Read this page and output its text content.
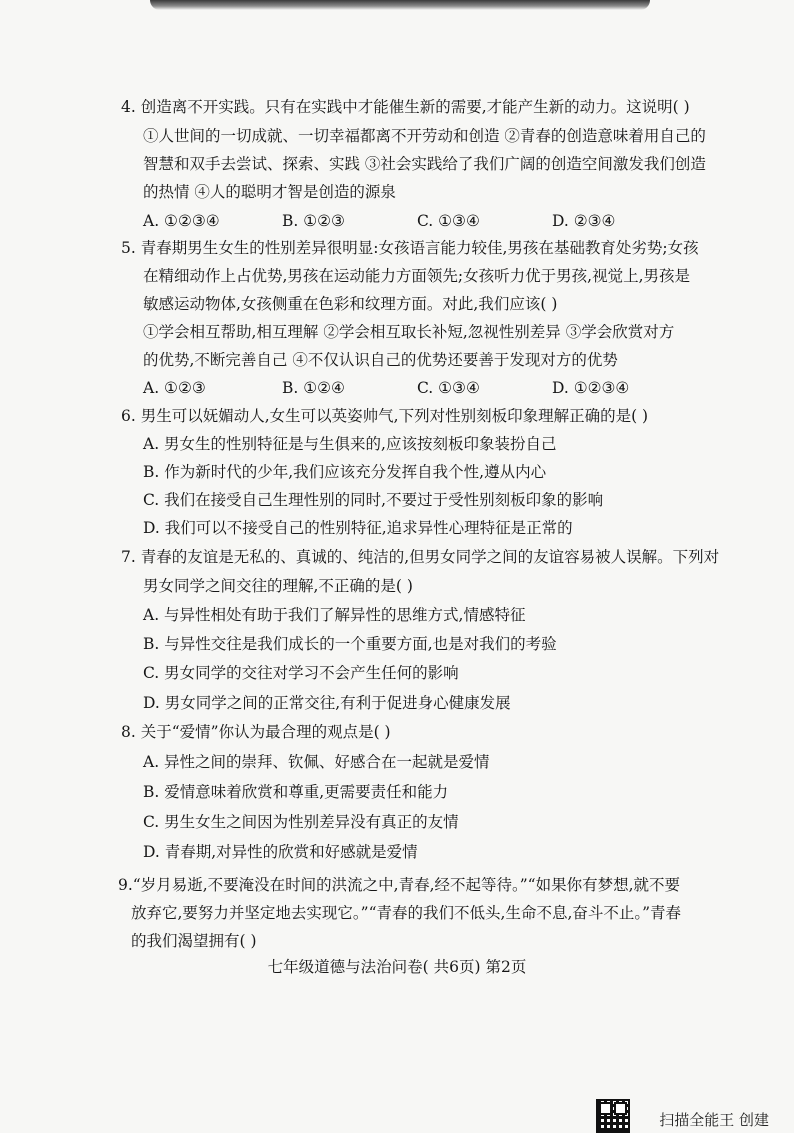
4. 创造离不开实践。只有在实践中才能催生新的需要,才能产生新的动力。这说明( )
①人世间的一切成就、一切幸福都离不开劳动和创造 ②青春的创造意味着用自己的
智慧和双手去尝试、探索、实践 ③社会实践给了我们广阔的创造空间激发我们创造
的热情 ④人的聪明才智是创造的源泉
A. ①②③④	B. ①②③	C. ①③④	D. ②③④
5. 青春期男生女生的性别差异很明显:女孩语言能力较佳,男孩在基础教育处劣势;女孩
在精细动作上占优势,男孩在运动能力方面领先;女孩听力优于男孩,视觉上,男孩是
敏感运动物体,女孩侧重在色彩和纹理方面。对此,我们应该( )
①学会相互帮助,相互理解 ②学会相互取长补短,忽视性别差异 ③学会欣赏对方
的优势,不断完善自己 ④不仅认识自己的优势还要善于发现对方的优势
A. ①②③	B. ①②④	C. ①③④	D. ①②③④
6. 男生可以妩媚动人,女生可以英姿帅气,下列对性别刻板印象理解正确的是( )
A. 男女生的性别特征是与生俱来的,应该按刻板印象装扮自己
B. 作为新时代的少年,我们应该充分发挥自我个性,遵从内心
C. 我们在接受自己生理性别的同时,不要过于受性别刻板印象的影响
D. 我们可以不接受自己的性别特征,追求异性心理特征是正常的
7. 青春的友谊是无私的、真诚的、纯洁的,但男女同学之间的友谊容易被人误解。下列对
男女同学之间交往的理解,不正确的是( )
A. 与异性相处有助于我们了解异性的思维方式,情感特征
B. 与异性交往是我们成长的一个重要方面,也是对我们的考验
C. 男女同学的交往对学习不会产生任何的影响
D. 男女同学之间的正常交往,有利于促进身心健康发展
8. 关于“爱情”你认为最合理的观点是( )
A. 异性之间的崇拜、钦佩、好感合在一起就是爱情
B. 爱情意味着欣赏和尊重,更需要责任和能力
C. 男生女生之间因为性别差异没有真正的友情
D. 青春期,对异性的欣赏和好感就是爱情
9.“岁月易逝,不要淹没在时间的洪流之中,青春,经不起等待。”“如果你有梦想,就不要
放弃它,要努力并坚定地去实现它。”“青春的我们不低头,生命不息,奋斗不止。”青春
的我们渴望拥有( )
七年级道德与法治问卷( 共6页) 第2页
扫描全能王 创建
